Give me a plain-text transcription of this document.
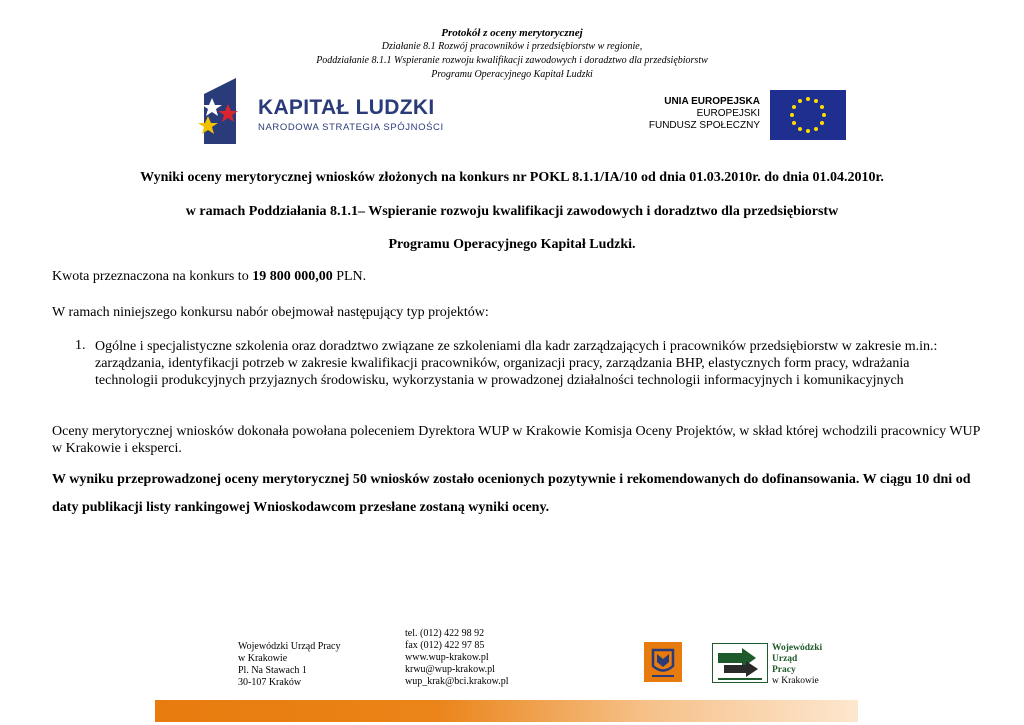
Protokół z oceny merytorycznej
Działanie 8.1 Rozwój pracowników i przedsiębiorstw w regionie,
Poddziałanie 8.1.1 Wspieranie rozwoju kwalifikacji zawodowych i doradztwo dla przedsiębiorstw
Programu Operacyjnego Kapitał Ludzki
KAPITAŁ LUDZKI
NARODOWA STRATEGIA SPÓJNOŚCI
UNIA EUROPEJSKA
EUROPEJSKI
FUNDUSZ SPOŁECZNY
Wyniki oceny merytorycznej wniosków złożonych na konkurs nr POKL 8.1.1/IA/10 od dnia 01.03.2010r. do dnia 01.04.2010r.
w ramach Poddziałania 8.1.1– Wspieranie rozwoju kwalifikacji zawodowych i doradztwo dla przedsiębiorstw
Programu Operacyjnego Kapitał Ludzki.
Kwota przeznaczona na konkurs to 19 800 000,00 PLN.
W ramach niniejszego konkursu nabór obejmował następujący typ projektów:
1. Ogólne i specjalistyczne szkolenia oraz doradztwo związane ze szkoleniami dla kadr zarządzających i pracowników przedsiębiorstw w zakresie m.in.: zarządzania, identyfikacji potrzeb w zakresie kwalifikacji pracowników, organizacji pracy, zarządzania BHP, elastycznych form pracy, wdrażania technologii produkcyjnych przyjaznych środowisku, wykorzystania w prowadzonej działalności technologii informacyjnych i komunikacyjnych
Oceny merytorycznej wniosków dokonała powołana poleceniem Dyrektora WUP w Krakowie Komisja Oceny Projektów, w skład której wchodzili pracownicy WUP w Krakowie i eksperci.
W wyniku przeprowadzonej oceny merytorycznej 50 wniosków zostało ocenionych pozytywnie i rekomendowanych do dofinansowania. W ciągu 10 dni od daty publikacji listy rankingowej Wnioskodawcom przesłane zostaną wyniki oceny.
Wojewódzki Urząd Pracy
w Krakowie
Pl. Na Stawach 1
30-107 Kraków
tel. (012) 422 98 92
fax (012) 422 97 85
www.wup-krakow.pl
krwu@wup-krakow.pl
wup_krak@bci.krakow.pl
Wojewódzki
Urząd
Pracy
w Krakowie
